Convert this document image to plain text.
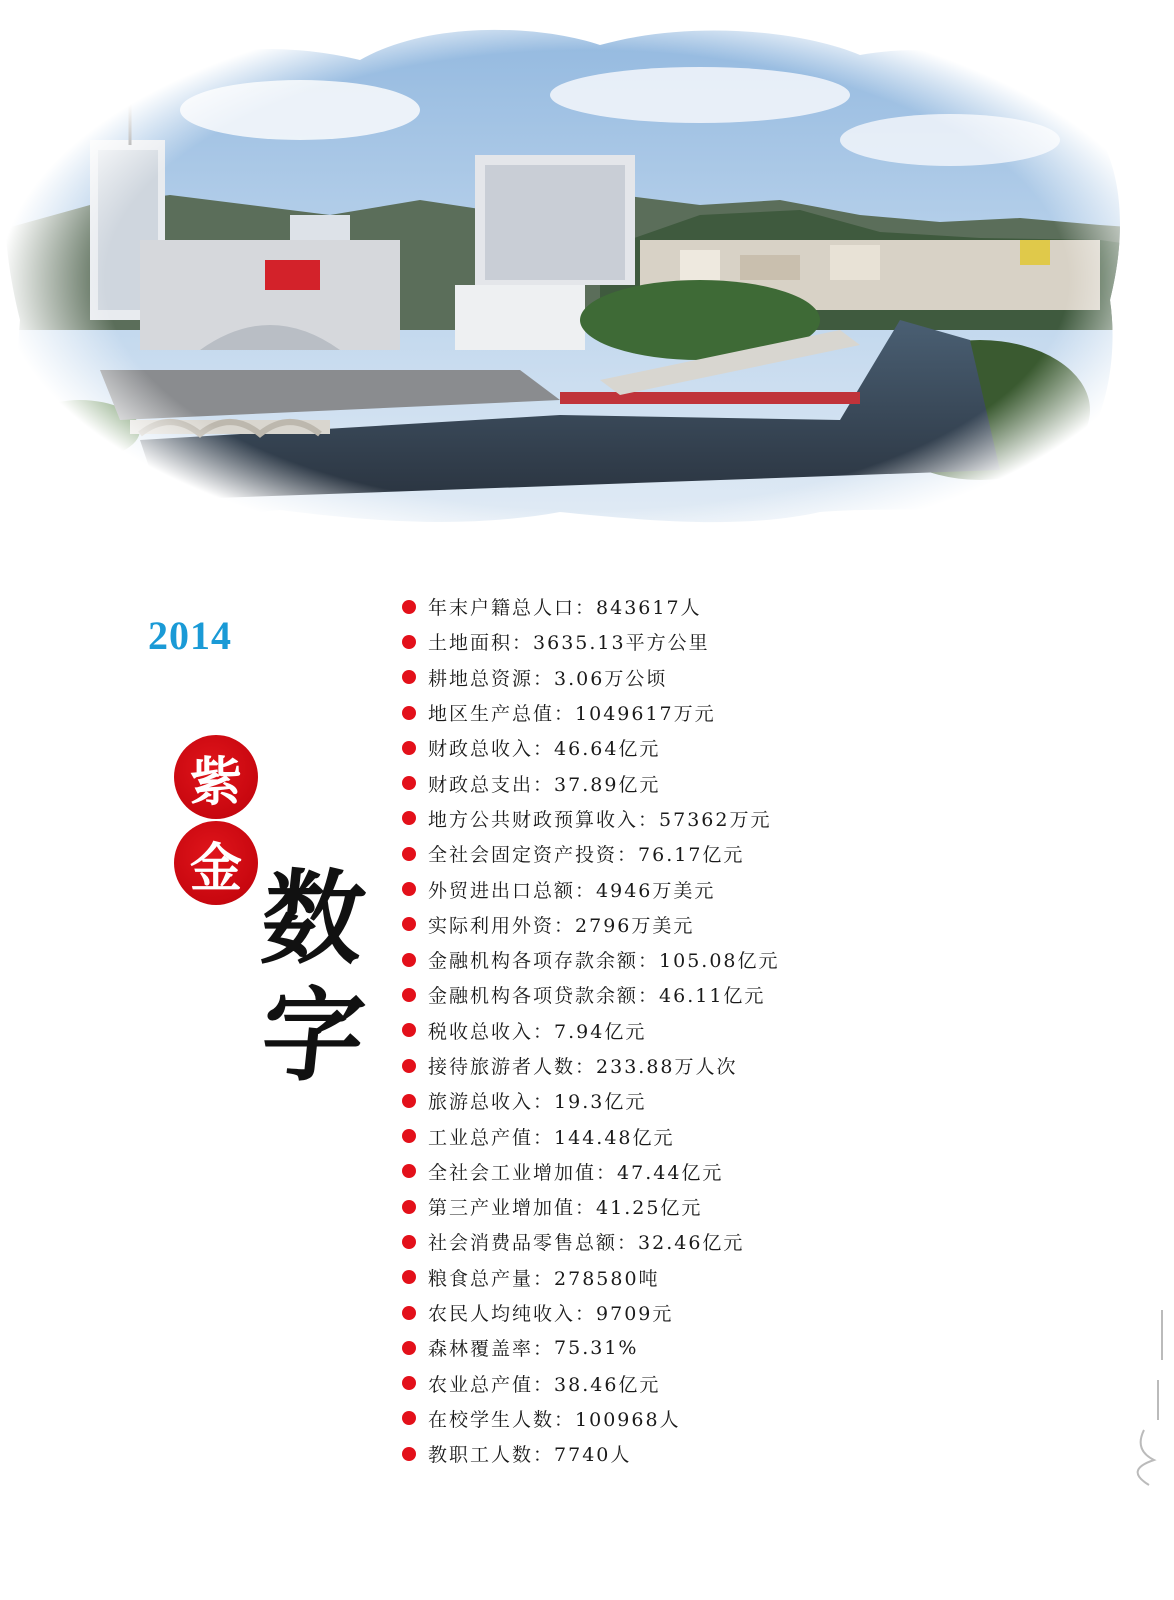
2014
紫
金 数
字
年末户籍总人口 ：	843617人
土地面积 ：	3635.13平方公里
耕地总资源 ：	3.06万公顷
地区生产总值 ：	1049617万元
财政总收入 ：	46.64亿元
财政总支出 ：	37.89亿元
地方公共财政预算收入 ：	57362万元
全社会固定资产投资 ：	76.17亿元
外贸进出口总额 ：	4946万美元
实际利用外资 ：	2796万美元
金融机构各项存款余额 ：	105.08亿元
金融机构各项贷款余额 ：	46.11亿元
税收总收入 ：	7.94亿元
接待旅游者人数 ：	233.88万人次
旅游总收入 ：	19.3亿元
工业总产值 ：	144.48亿元
全社会工业增加值 ：	47.44亿元
第三产业增加值 ：	41.25亿元
社会消费品零售总额 ：	32.46亿元
粮食总产量 ：	278580吨
农民人均纯收入 ：	9709元
森林覆盖率 ：	75.31%
农业总产值 ：	38.46亿元
在校学生人数 ：	100968人
教职工人数 ：	7740人
